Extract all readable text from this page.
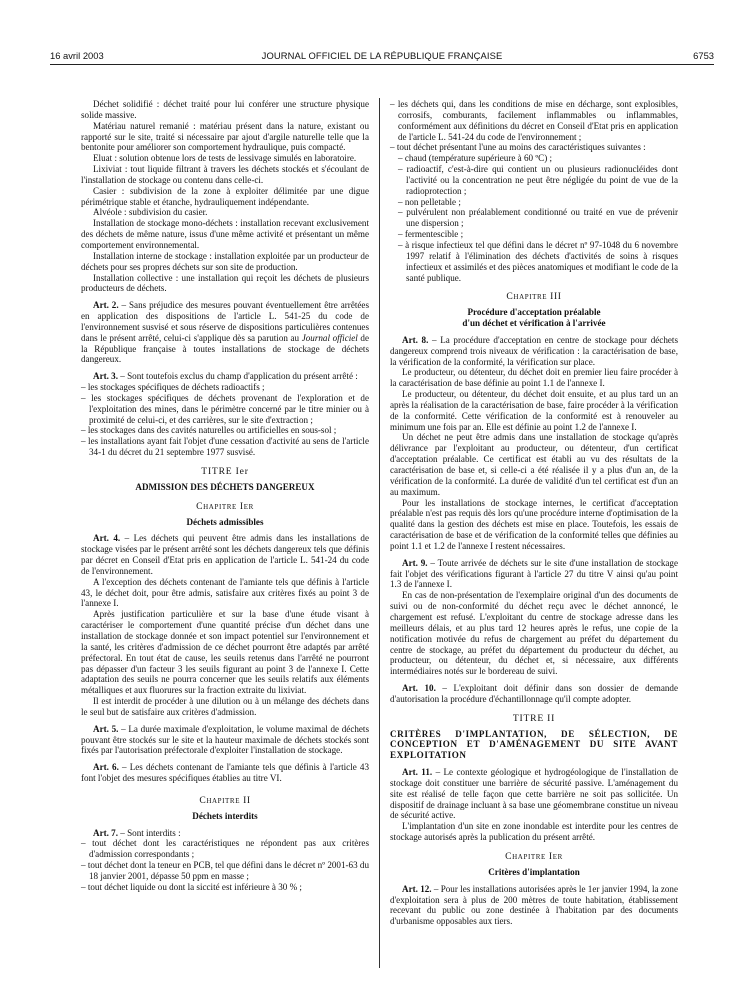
16 avril 2003	JOURNAL OFFICIEL DE LA RÉPUBLIQUE FRANÇAISE	6753

Déchet solidifié : déchet traité pour lui conférer une structure physique solide massive.

Matériau naturel remanié : matériau présent dans la nature, existant ou rapporté sur le site, traité si nécessaire par ajout d'argile naturelle telle que la bentonite pour améliorer son comportement hydraulique, puis compacté.

Eluat : solution obtenue lors de tests de lessivage simulés en laboratoire.

Lixiviat : tout liquide filtrant à travers les déchets stockés et s'écoulant de l'installation de stockage ou contenu dans celle-ci.

Casier : subdivision de la zone à exploiter délimitée par une digue périmétrique stable et étanche, hydrauliquement indépendante.

Alvéole : subdivision du casier.

Installation de stockage mono-déchets : installation recevant exclusivement des déchets de même nature, issus d'une même activité et présentant un même comportement environnemental.

Installation interne de stockage : installation exploitée par un producteur de déchets pour ses propres déchets sur son site de production.

Installation collective : une installation qui reçoit les déchets de plusieurs producteurs de déchets.

Art. 2. – Sans préjudice des mesures pouvant éventuellement être arrêtées en application des dispositions de l'article L. 541-25 du code de l'environnement susvisé et sous réserve de dispositions particulières contenues dans le présent arrêté, celui-ci s'applique dès sa parution au Journal officiel de la République française à toutes installations de stockage de déchets dangereux.

Art. 3. – Sont toutefois exclus du champ d'application du présent arrêté :

– les stockages spécifiques de déchets radioactifs ;

– les stockages spécifiques de déchets provenant de l'exploration et de l'exploitation des mines, dans le périmètre concerné par le titre minier ou à proximité de celui-ci, et des carrières, sur le site d'extraction ;

– les stockages dans des cavités naturelles ou artificielles en sous-sol ;

– les installations ayant fait l'objet d'une cessation d'activité au sens de l'article 34-1 du décret du 21 septembre 1977 susvisé.

TITRE Ier

ADMISSION DES DÉCHETS DANGEREUX

Chapitre Ier

Déchets admissibles

Art. 4. – Les déchets qui peuvent être admis dans les installations de stockage visées par le présent arrêté sont les déchets dangereux tels que définis par décret en Conseil d'Etat pris en application de l'article L. 541-24 du code de l'environnement.

A l'exception des déchets contenant de l'amiante tels que définis à l'article 43, le déchet doit, pour être admis, satisfaire aux critères fixés au point 3 de l'annexe I.

Après justification particulière et sur la base d'une étude visant à caractériser le comportement d'une quantité précise d'un déchet dans une installation de stockage donnée et son impact potentiel sur l'environnement et la santé, les critères d'admission de ce déchet pourront être adaptés par arrêté préfectoral. En tout état de cause, les seuils retenus dans l'arrêté ne pourront pas dépasser d'un facteur 3 les seuils figurant au point 3 de l'annexe I. Cette adaptation des seuils ne pourra concerner que les seuils relatifs aux éléments métalliques et aux fluorures sur la fraction extraite du lixiviat.

Il est interdit de procéder à une dilution ou à un mélange des déchets dans le seul but de satisfaire aux critères d'admission.

Art. 5. – La durée maximale d'exploitation, le volume maximal de déchets pouvant être stockés sur le site et la hauteur maximale de déchets stockés sont fixés par l'autorisation préfectorale d'exploiter l'installation de stockage.

Art. 6. – Les déchets contenant de l'amiante tels que définis à l'article 43 font l'objet des mesures spécifiques établies au titre VI.

Chapitre II

Déchets interdits

Art. 7. – Sont interdits :

– tout déchet dont les caractéristiques ne répondent pas aux critères d'admission correspondants ;

– tout déchet dont la teneur en PCB, tel que défini dans le décret nº 2001-63 du 18 janvier 2001, dépasse 50 ppm en masse ;

– tout déchet liquide ou dont la siccité est inférieure à 30 % ;

– les déchets qui, dans les conditions de mise en décharge, sont explosibles, corrosifs, comburants, facilement inflammables ou inflammables, conformément aux définitions du décret en Conseil d'Etat pris en application de l'article L. 541-24 du code de l'environnement ;

– tout déchet présentant l'une au moins des caractéristiques suivantes :

– chaud (température supérieure à 60 ºC) ;

– radioactif, c'est-à-dire qui contient un ou plusieurs radionucléides dont l'activité ou la concentration ne peut être négligée du point de vue de la radioprotection ;

– non pelletable ;

– pulvérulent non préalablement conditionné ou traité en vue de prévenir une dispersion ;

– fermentescible ;

– à risque infectieux tel que défini dans le décret nº 97-1048 du 6 novembre 1997 relatif à l'élimination des déchets d'activités de soins à risques infectieux et assimilés et des pièces anatomiques et modifiant le code de la santé publique.

Chapitre III

Procédure d'acceptation préalable

d'un déchet et vérification à l'arrivée

Art. 8. – La procédure d'acceptation en centre de stockage pour déchets dangereux comprend trois niveaux de vérification : la caractérisation de base, la vérification de la conformité, la vérification sur place.

Le producteur, ou détenteur, du déchet doit en premier lieu faire procéder à la caractérisation de base définie au point 1.1 de l'annexe I.

Le producteur, ou détenteur, du déchet doit ensuite, et au plus tard un an après la réalisation de la caractérisation de base, faire procéder à la vérification de la conformité. Cette vérification de la conformité est à renouveler au minimum une fois par an. Elle est définie au point 1.2 de l'annexe I.

Un déchet ne peut être admis dans une installation de stockage qu'après délivrance par l'exploitant au producteur, ou détenteur, d'un certificat d'acceptation préalable. Ce certificat est établi au vu des résultats de la caractérisation de base et, si celle-ci a été réalisée il y a plus d'un an, de la vérification de la conformité. La durée de validité d'un tel certificat est d'un an au maximum.

Pour les installations de stockage internes, le certificat d'acceptation préalable n'est pas requis dès lors qu'une procédure interne d'optimisation de la qualité dans la gestion des déchets est mise en place. Toutefois, les essais de caractérisation de base et de vérification de la conformité telles que définies au point 1.1 et 1.2 de l'annexe I restent nécessaires.

Art. 9. – Toute arrivée de déchets sur le site d'une installation de stockage fait l'objet des vérifications figurant à l'article 27 du titre V ainsi qu'au point 1.3 de l'annexe I.

En cas de non-présentation de l'exemplaire original d'un des documents de suivi ou de non-conformité du déchet reçu avec le déchet annoncé, le chargement est refusé. L'exploitant du centre de stockage adresse dans les meilleurs délais, et au plus tard 12 heures après le refus, une copie de la notification motivée du refus de chargement au préfet du département du centre de stockage, au préfet du département du producteur du déchet, au producteur, ou détenteur, du déchet et, si nécessaire, aux différents intermédiaires notés sur le bordereau de suivi.

Art. 10. – L'exploitant doit définir dans son dossier de demande d'autorisation la procédure d'échantillonnage qu'il compte adopter.

TITRE II

CRITÈRES D'IMPLANTATION, DE SÉLECTION, DE CONCEPTION ET D'AMÉNAGEMENT DU SITE AVANT EXPLOITATION

Art. 11. – Le contexte géologique et hydrogéologique de l'installation de stockage doit constituer une barrière de sécurité passive. L'aménagement du site est réalisé de telle façon que cette barrière ne soit pas sollicitée. Un dispositif de drainage incluant à sa base une géomembrane constitue un niveau de sécurité active.

L'implantation d'un site en zone inondable est interdite pour les centres de stockage autorisés après la publication du présent arrêté.

Chapitre Ier

Critères d'implantation

Art. 12. – Pour les installations autorisées après le 1er janvier 1994, la zone d'exploitation sera à plus de 200 mètres de toute habitation, établissement recevant du public ou zone destinée à l'habitation par des documents d'urbanisme opposables aux tiers.
